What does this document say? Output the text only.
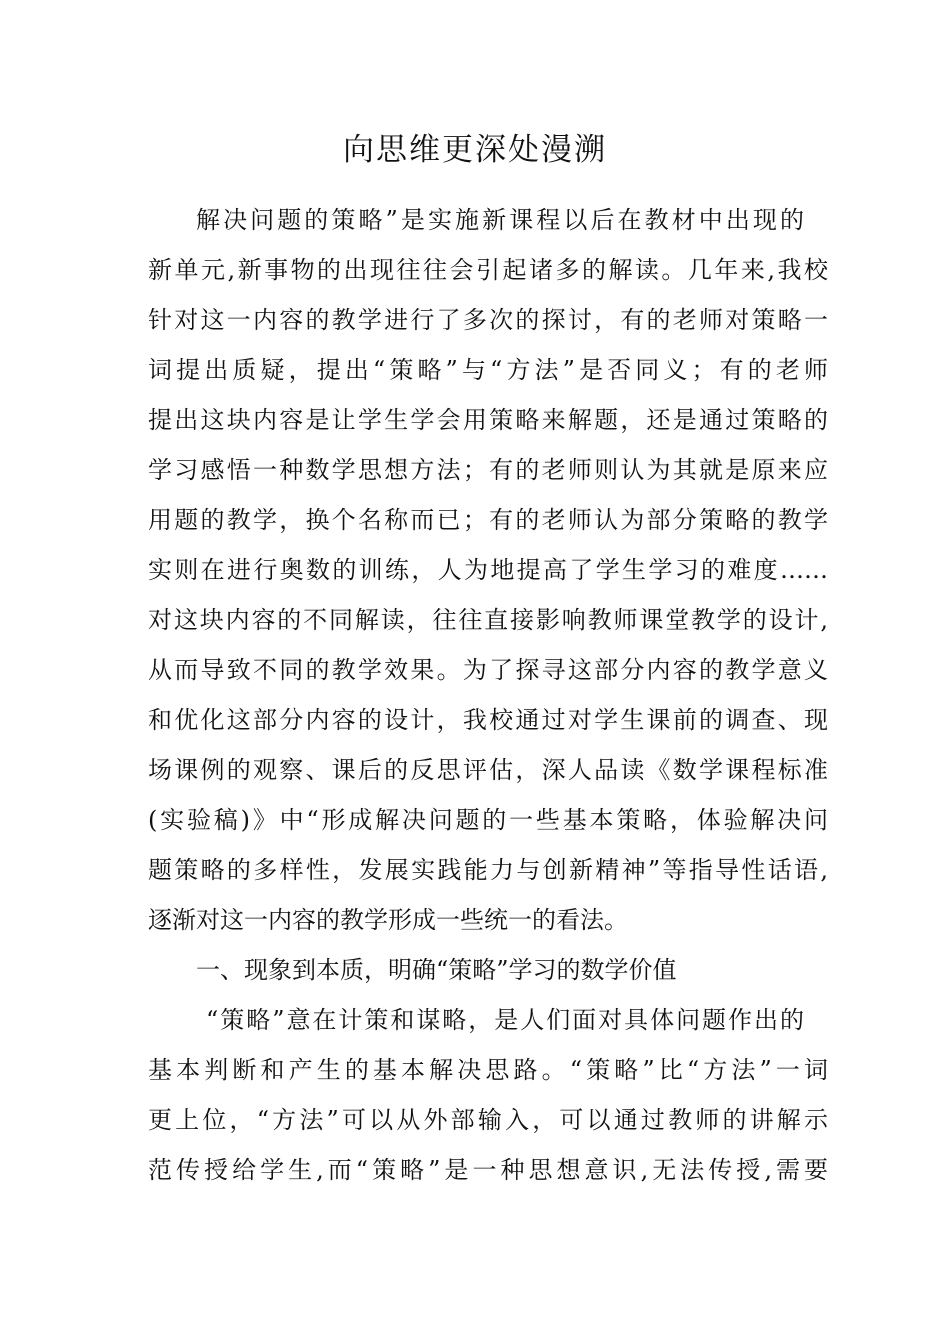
向思维更深处漫溯

解决问题的策略”是实施新课程以后在教材中出现的

新单元,新事物的出现往往会引起诸多的解读。几年来,我校

针对这一内容的教学进行了多次的探讨，有的老师对策略一

词提出质疑，提出“策略”与“方法”是否同义；有的老师

提出这块内容是让学生学会用策略来解题，还是通过策略的

学习感悟一种数学思想方法；有的老师则认为其就是原来应

用题的教学，换个名称而已；有的老师认为部分策略的教学

实则在进行奥数的训练，人为地提高了学生学习的难度……

对这块内容的不同解读，往往直接影响教师课堂教学的设计,

从而导致不同的教学效果。为了探寻这部分内容的教学意义

和优化这部分内容的设计，我校通过对学生课前的调查、现

场课例的观察、课后的反思评估，深人品读《数学课程标准

(实验稿)》中“形成解决问题的一些基本策略，体验解决问

题策略的多样性，发展实践能力与创新精神”等指导性话语,

逐渐对这一内容的教学形成一些统一的看法。

一、现象到本质，明确“策略”学习的数学价值

“策略”意在计策和谋略，是人们面对具体问题作出的

基本判断和产生的基本解决思路。“策略”比“方法”一词

更上位，“方法”可以从外部输入，可以通过教师的讲解示

范传授给学生,而“策略”是一种思想意识,无法传授,需要
